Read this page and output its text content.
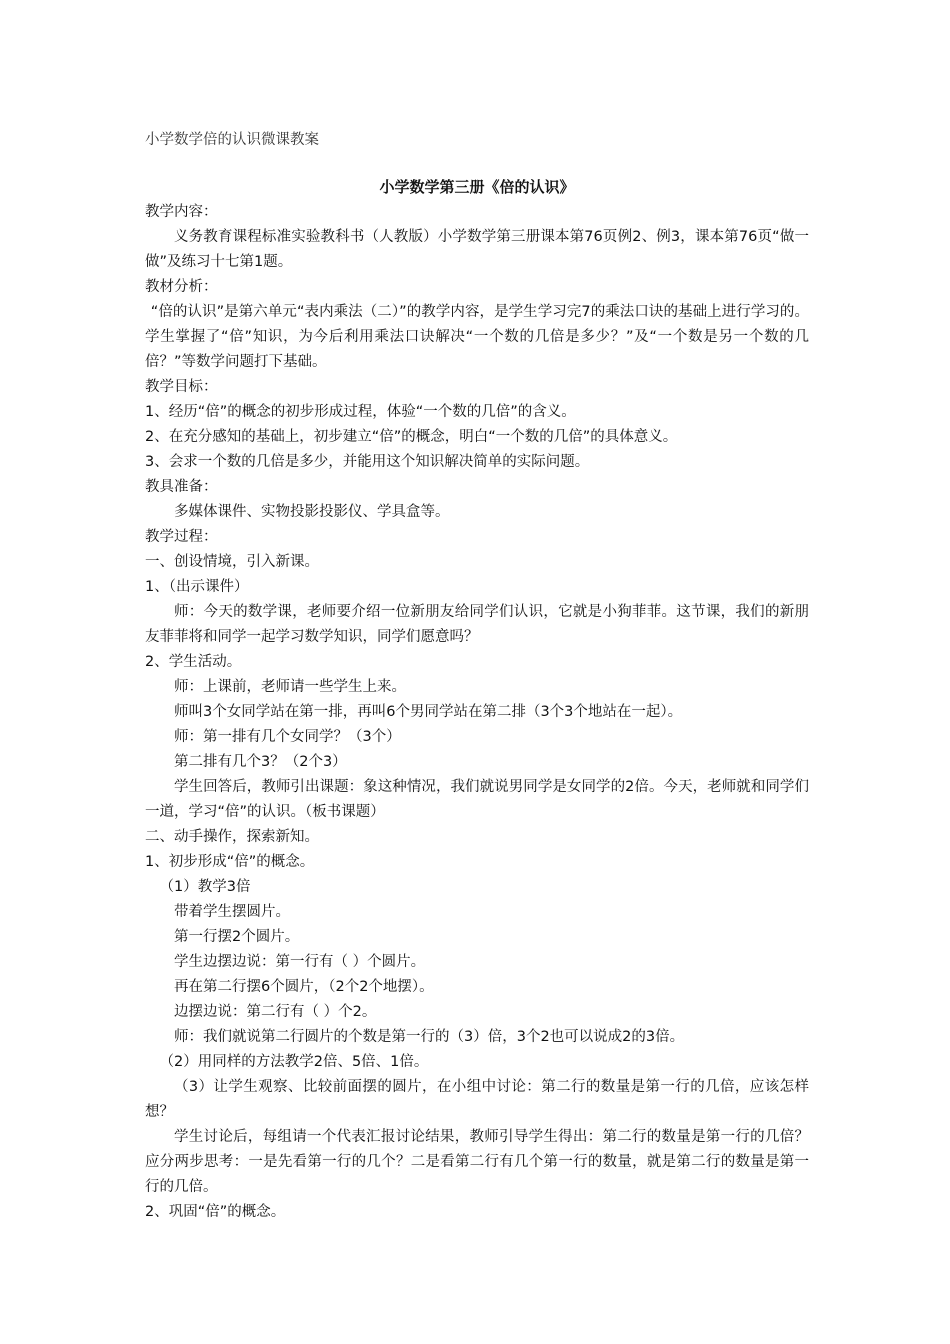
小学数学倍的认识微课教案

小学数学第三册《倍的认识》

教学内容：

义务教育课程标准实验教科书（人教版）小学数学第三册课本第76页例2、例3，课本第76页“做一做”及练习十七第1题。

教材分析：

“倍的认识”是第六单元“表内乘法（二）”的教学内容，是学生学习完7的乘法口诀的基础上进行学习的。学生掌握了“倍”知识，为今后利用乘法口诀解决“一个数的几倍是多少？”及“一个数是另一个数的几倍？”等数学问题打下基础。

教学目标：

1、经历“倍”的概念的初步形成过程，体验“一个数的几倍”的含义。

2、在充分感知的基础上，初步建立“倍”的概念，明白“一个数的几倍”的具体意义。

3、会求一个数的几倍是多少，并能用这个知识解决简单的实际问题。

教具准备：

多媒体课件、实物投影投影仪、学具盒等。

教学过程：

一、创设情境，引入新课。

1、（出示课件）

师：今天的数学课，老师要介绍一位新朋友给同学们认识，它就是小狗菲菲。这节课，我们的新朋友菲菲将和同学一起学习数学知识，同学们愿意吗？

2、学生活动。

师：上课前，老师请一些学生上来。

师叫3个女同学站在第一排，再叫6个男同学站在第二排（3个3个地站在一起）。

师：第一排有几个女同学？（3个）

第二排有几个3？（2个3）

学生回答后，教师引出课题：象这种情况，我们就说男同学是女同学的2倍。今天，老师就和同学们一道，学习“倍”的认识。（板书课题）

二、动手操作，探索新知。

1、初步形成“倍”的概念。

（1）教学3倍

带着学生摆圆片。

第一行摆2个圆片。

学生边摆边说：第一行有（ ）个圆片。

再在第二行摆6个圆片，（2个2个地摆）。

边摆边说：第二行有（ ）个2。

师：我们就说第二行圆片的个数是第一行的（3）倍，3个2也可以说成2的3倍。

（2）用同样的方法教学2倍、5倍、1倍。

（3）让学生观察、比较前面摆的圆片，在小组中讨论：第二行的数量是第一行的几倍，应该怎样想？

学生讨论后，每组请一个代表汇报讨论结果，教师引导学生得出：第二行的数量是第一行的几倍？应分两步思考：一是先看第一行的几个？二是看第二行有几个第一行的数量，就是第二行的数量是第一行的几倍。

2、巩固“倍”的概念。
